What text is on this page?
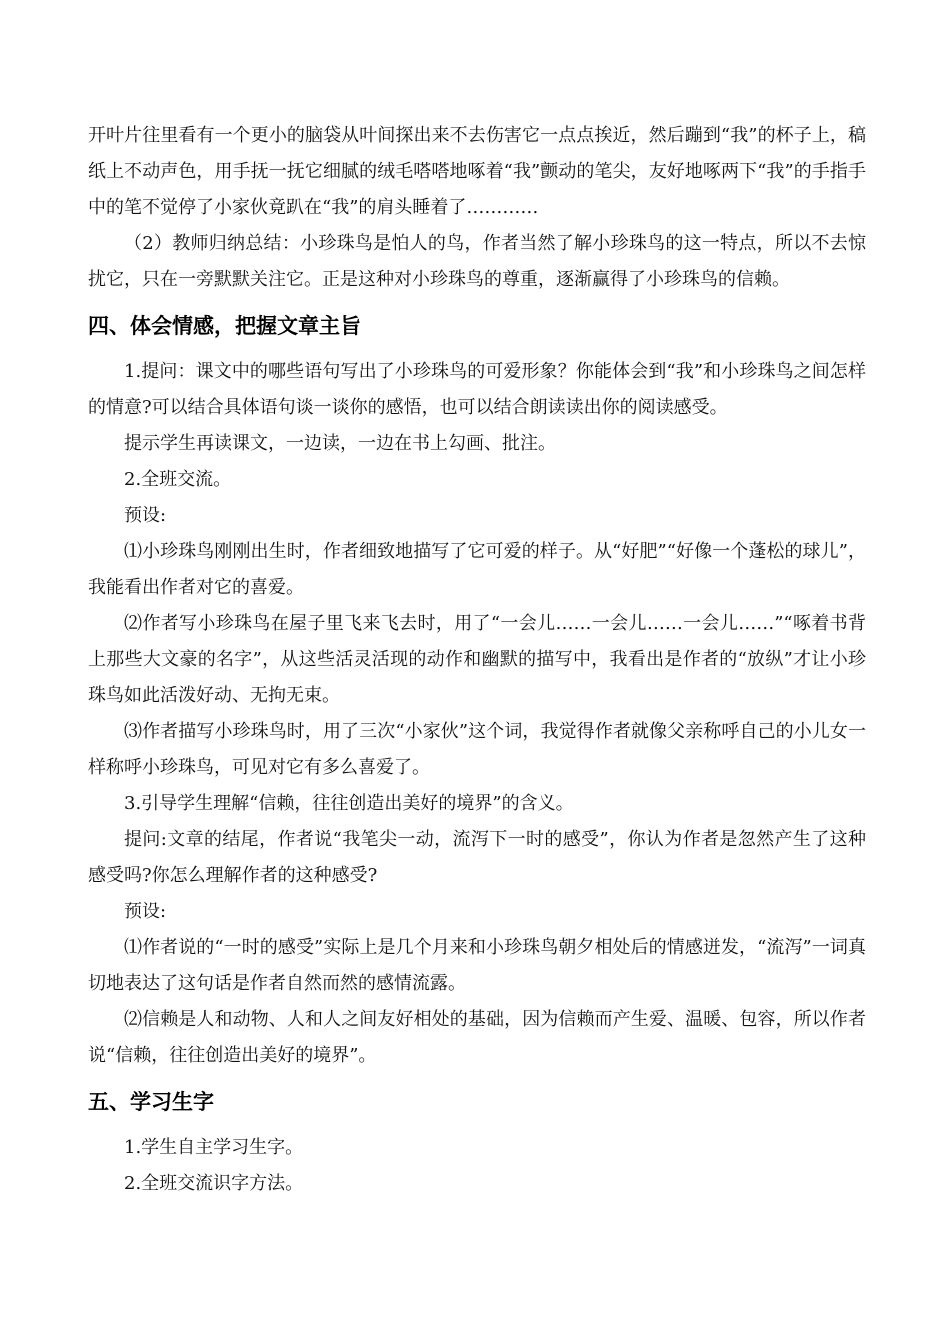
开叶片往里看有一个更小的脑袋从叶间探出来不去伤害它一点点挨近，然后蹦到“我”的杯子上，稿纸上不动声色，用手抚一抚它细腻的绒毛嗒嗒地啄着“我”颤动的笔尖，友好地啄两下“我”的手指手中的笔不觉停了小家伙竟趴在“我”的肩头睡着了…………

（2）教师归纳总结：小珍珠鸟是怕人的鸟，作者当然了解小珍珠鸟的这一特点，所以不去惊扰它，只在一旁默默关注它。正是这种对小珍珠鸟的尊重，逐渐赢得了小珍珠鸟的信赖。

四、体会情感，把握文章主旨

1.提问：课文中的哪些语句写出了小珍珠鸟的可爱形象？你能体会到“我”和小珍珠鸟之间怎样的情意?可以结合具体语句谈一谈你的感悟，也可以结合朗读读出你的阅读感受。

提示学生再读课文，一边读，一边在书上勾画、批注。

2.全班交流。

预设:

⑴小珍珠鸟刚刚出生时，作者细致地描写了它可爱的样子。从“好肥”“好像一个蓬松的球儿”，我能看出作者对它的喜爱。

⑵作者写小珍珠鸟在屋子里飞来飞去时，用了“一会儿……一会儿……一会儿……”“啄着书背上那些大文豪的名字”，从这些活灵活现的动作和幽默的描写中，我看出是作者的“放纵”才让小珍珠鸟如此活泼好动、无拘无束。

⑶作者描写小珍珠鸟时，用了三次“小家伙”这个词，我觉得作者就像父亲称呼自己的小儿女一样称呼小珍珠鸟，可见对它有多么喜爱了。

3.引导学生理解“信赖，往往创造出美好的境界”的含义。

提问:文章的结尾，作者说“我笔尖一动，流泻下一时的感受”，你认为作者是忽然产生了这种感受吗?你怎么理解作者的这种感受?

预设:

⑴作者说的“一时的感受”实际上是几个月来和小珍珠鸟朝夕相处后的情感迸发，“流泻”一词真切地表达了这句话是作者自然而然的感情流露。

⑵信赖是人和动物、人和人之间友好相处的基础，因为信赖而产生爱、温暖、包容，所以作者说“信赖，往往创造出美好的境界”。

五、学习生字

1.学生自主学习生字。

2.全班交流识字方法。
